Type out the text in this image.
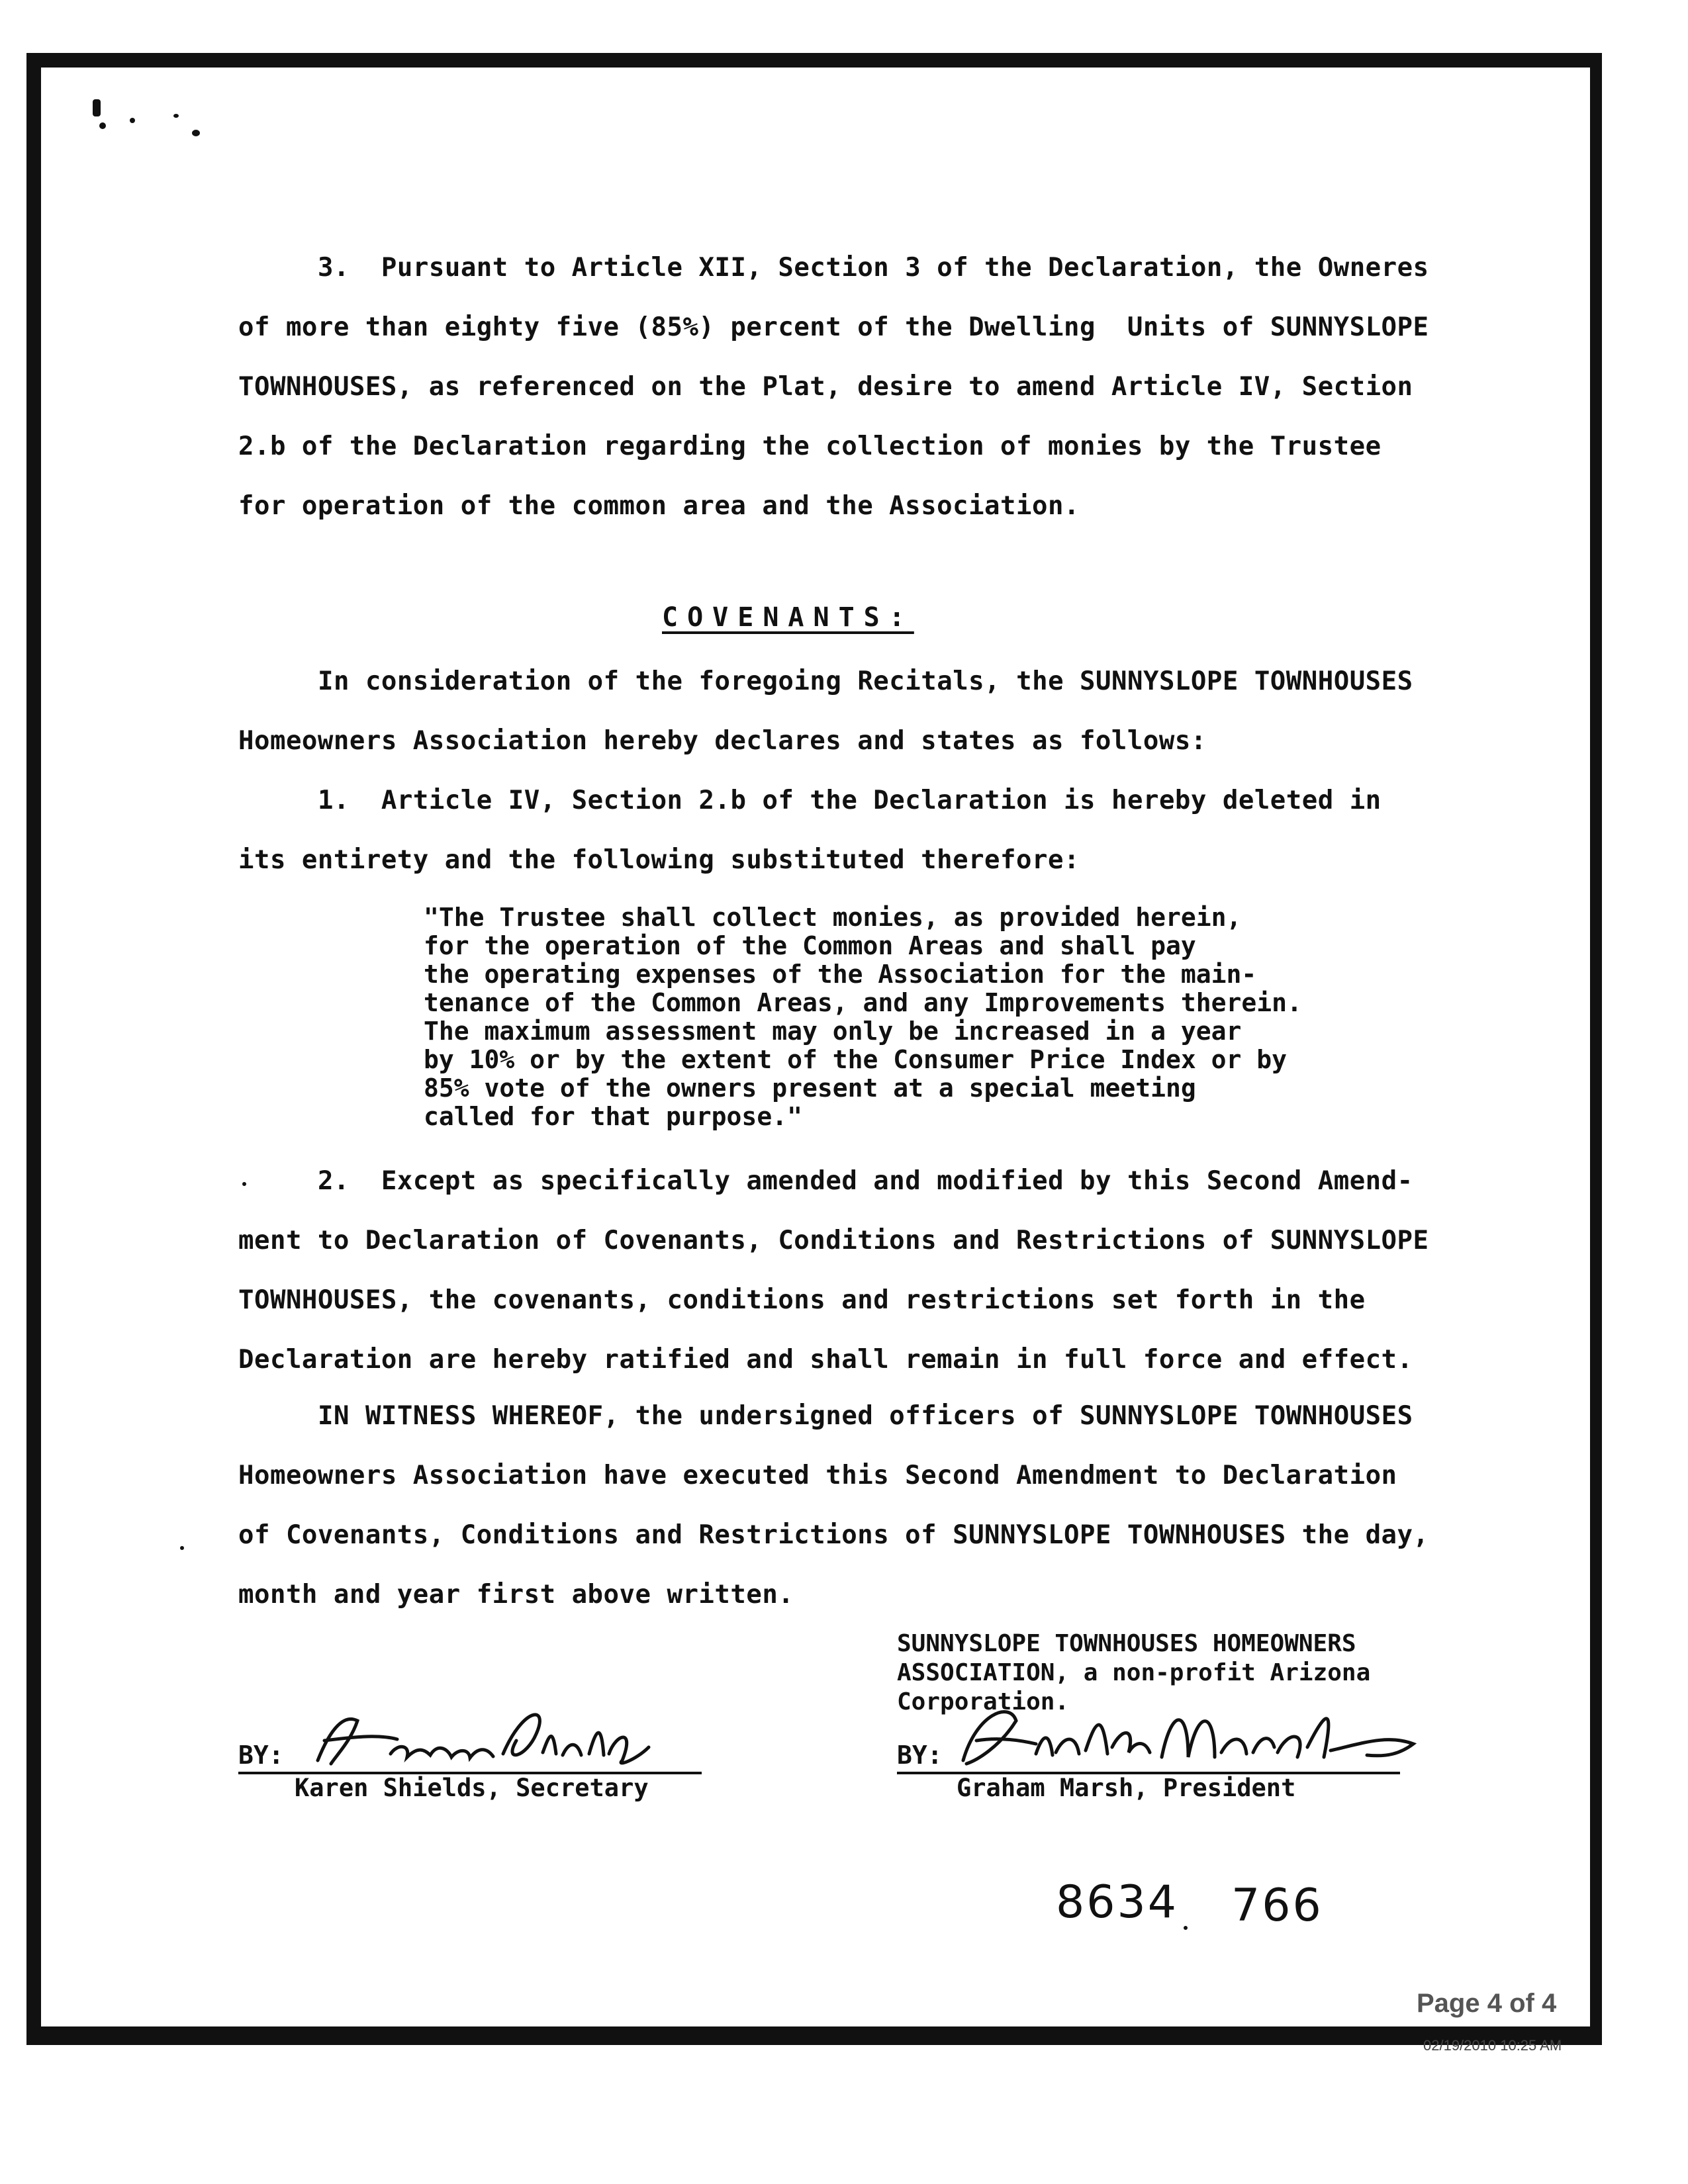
3.  Pursuant to Article XII, Section 3 of the Declaration, the Owneres
of more than eighty five (85%) percent of the Dwelling  Units of SUNNYSLOPE
TOWNHOUSES, as referenced on the Plat, desire to amend Article IV, Section
2.b of the Declaration regarding the collection of monies by the Trustee
for operation of the common area and the Association.
COVENANTS:
In consideration of the foregoing Recitals, the SUNNYSLOPE TOWNHOUSES
Homeowners Association hereby declares and states as follows:
1.  Article IV, Section 2.b of the Declaration is hereby deleted in
its entirety and the following substituted therefore:
"The Trustee shall collect monies, as provided herein,
for the operation of the Common Areas and shall pay
the operating expenses of the Association for the main-
tenance of the Common Areas, and any Improvements therein.
The maximum assessment may only be increased in a year
by 10% or by the extent of the Consumer Price Index or by
85% vote of the owners present at a special meeting
called for that purpose."
2.  Except as specifically amended and modified by this Second Amend-
ment to Declaration of Covenants, Conditions and Restrictions of SUNNYSLOPE
TOWNHOUSES, the covenants, conditions and restrictions set forth in the
Declaration are hereby ratified and shall remain in full force and effect.
IN WITNESS WHEREOF, the undersigned officers of SUNNYSLOPE TOWNHOUSES
Homeowners Association have executed this Second Amendment to Declaration
of Covenants, Conditions and Restrictions of SUNNYSLOPE TOWNHOUSES the day,
month and year first above written.
SUNNYSLOPE TOWNHOUSES HOMEOWNERS
ASSOCIATION, a non-profit Arizona
Corporation.
BY:
Karen Shields, Secretary
BY:
Graham Marsh, President
8634 766
Page 4 of 4
02/19/2010 10:25 AM
